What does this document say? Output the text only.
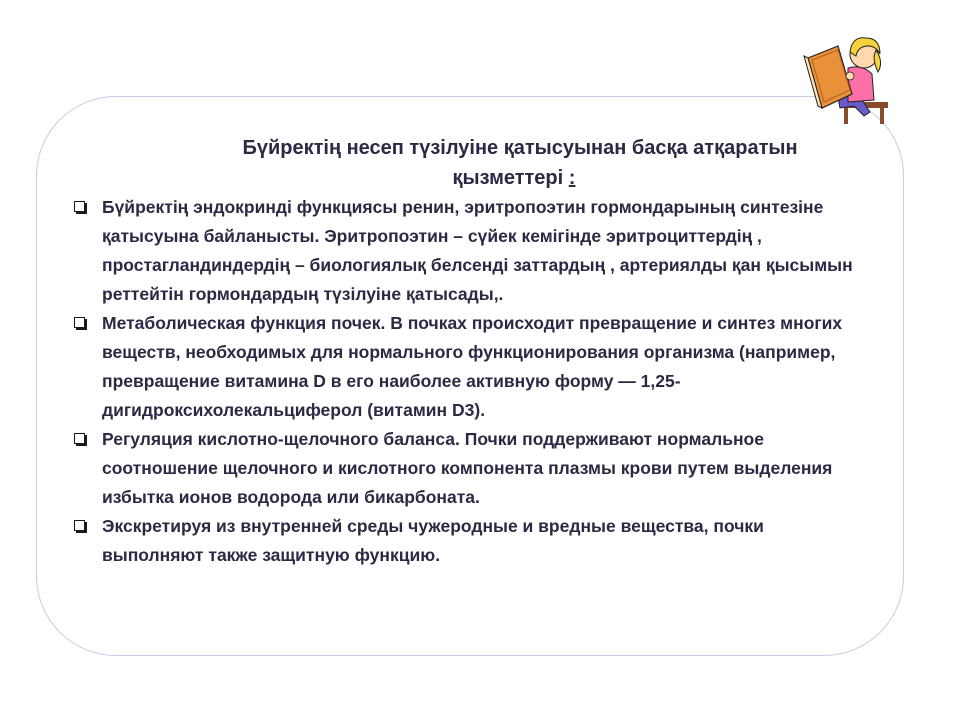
Бүйректің несеп түзілуіне қатысуынан басқа атқаратын
қызметтері :
Бүйректің эндокринді функциясы ренин, эритропоэтин гормондарының синтезіне қатысуына байланысты. Эритропоэтин – сүйек кемігінде эритроциттердің , простагландиндердің – биологиялық белсенді заттардың , артериялды қан қысымын реттейтін гормондардың түзілуіне қатысады,.
Метаболическая функция почек. В почках происходит превращение и синтез многих веществ, необходимых для нормального функционирования организма (например, превращение витамина D в его наиболее активную форму — 1,25-дигидроксихолекальциферол (витамин D3).
Регуляция кислотно-щелочного баланса. Почки поддерживают нормальное соотношение щелочного и кислотного компонента плазмы крови путем выделения избытка ионов водорода или бикарбоната.
Экскретируя из внутренней среды чужеродные и вредные вещества, почки выполняют также защитную функцию.
